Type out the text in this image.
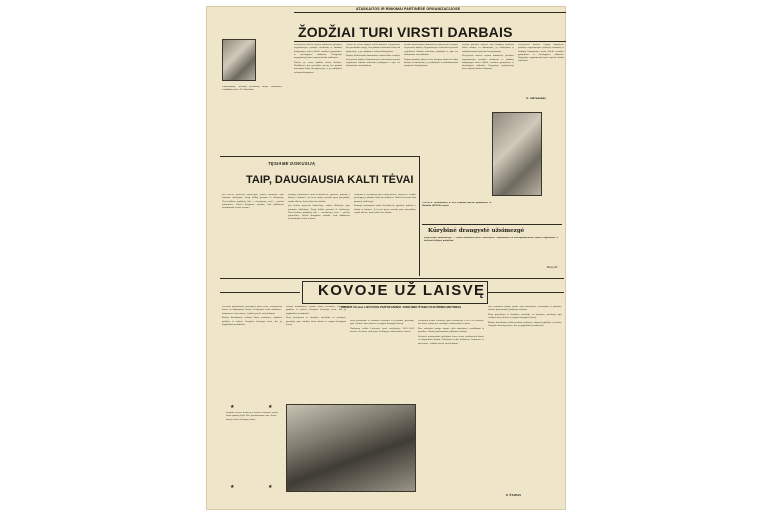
ATASKAITOS IR RINKIMAI PARTINĖSE ORGANIZACIJOSE
ŽODŽIAI TURI VIRSTI DARBAIS
Nuotraukoje: lietuvių partizanų būrys vadovybės susitikimo metu. Pr. Kovalskis.

Praėjusiais metais rajono komitetas partinės organizacijos pradėjo ataskaitų ir rinkimų kampanijos metu iškelti svarbias gamybines ir ideologines užduotis. Daugelyje organizacijų buvo aptarti darbo trūkumai.

Tačiau ne visur žodžiai virsta darbais. Kolūkiuose dar pasitaiko atvejų, kai priimti nutarimai lieka tik popieriuje, o jų vykdymas nekontroliuojamas.

Tačiau ne visur žodžiai virsta darbais. Kolūkiuose dar pasitaiko atvejų, kai priimti nutarimai lieka tik popieriuje, o jų vykdymas nekontroliuojamas.

Būtina kiekvienam komunistui asmeniškai atsakyti už pavestą darbą. Organizacijos sekretoriai privalo reguliariai tikrinti nutarimų vykdymą ir apie tai informuoti susirinkimus.

Būtina kiekvienam komunistui asmeniškai atsakyti už pavestą darbą. Organizacijos sekretoriai privalo reguliariai tikrinti nutarimų vykdymą ir apie tai informuoti susirinkimus.

Rajono partinis aktyvas turi daugiau dėmesio skirti darbui su žmonėmis, jų auklėjimui ir mobilizavimui naujiems laimėjimams.

Rajono partinis aktyvas turi daugiau dėmesio skirti darbui su žmonėmis, jų auklėjimui ir mobilizavimui naujiems laimėjimams.

Praėjusiais metais rajono komitetas partinės organizacijos pradėjo ataskaitų ir rinkimų kampanijos metu iškelti svarbias gamybines ir ideologines užduotis. Daugelyje organizacijų buvo aptarti darbo trūkumai.

Praėjusiais metais rajono komitetas partinės organizacijos pradėjo ataskaitų ir rinkimų kampanijos metu iškelti svarbias gamybines ir ideologines užduotis. Daugelyje organizacijų buvo aptarti darbo trūkumai.

A. Astrauskas
VILNIUS. Memorialas ir kiti Vilniaus miesto paminklai. B. Dabulio (ELTOS) nuotr.
TĘSIAME DISKUSIJĄ
TAIP, DAUGIAUSIA KALTI TĖVAI

Jau keletą mėnesių laikraštyje vyksta diskusija apie jaunimo auklėjimą. Daug laiškų gavome iš skaitytojų. Vieni kaltina mokyklą, kiti — visuomenę, treti — pačius jaunuolius. Tačiau dauguma sutinka, kad didžiausia atsakomybė tenka tėvams.

Šeimoje formuojasi vaiko charakteris, įpročiai, požiūris į darbą ir žmones. Jei tėvai patys nerodo gero pavyzdžio, sunku tikėtis, kad vaikas bus kitoks.

Jau keletą mėnesių laikraštyje vyksta diskusija apie jaunimo auklėjimą. Daug laiškų gavome iš skaitytojų. Vieni kaltina mokyklą, kiti — visuomenę, treti — pačius jaunuolius. Tačiau dauguma sutinka, kad didžiausia atsakomybė tenka tėvams.

Mokykla ir visuomenė gali daug padėti, tačiau be šeimos pastangų jų darbas lieka neefektyvus. Todėl tėvai turi būti pirmieji auklėtojai.

Šeimoje formuojasi vaiko charakteris, įpročiai, požiūris į darbą ir žmones. Jei tėvai patys nerodo gero pavyzdžio, sunku tikėtis, kad vaikas bus kitoks.

Kūrybinė draugystė užsimezgė

Kaip rašyti informaciją? — tokia klausimą iškėlė kolektyvas. Susitikimai su korespondentais vyksta reguliariai, o dalyviai dalijasi patirtimi.

Mūsų inf.
KOVOJE UŽ LAISVĘ
(MININT 20-sias LIETUVOS PARTIZANINIO JUDĖJIMO ŠTABO SUKŪRIMO METINES)

Lietuvos partizaninis judėjimas buvo viena svarbiausių kovos su okupantais formų. Partizanai veikė miškuose, kaimuose ir miestuose, trukdė priešo susisiekimui.

Štabas koordinavo atskirų būrių veiksmus, rūpinosi ginklais ir ryšiais. Daugelis kovotojų žuvo, bet jų žygdarbiai neužmiršti.

Štabas koordinavo atskirų būrių veiksmus, rūpinosi ginklais ir ryšiais. Daugelis kovotojų žuvo, bet jų žygdarbiai neužmiršti.

Buvę partizanai ir šiandien susitinka su jaunimu, pasakoja apie sunkias kovų dienas ir ragina branginti laisvę.

Buvę partizanai ir šiandien susitinka su jaunimu, pasakoja apie sunkias kovų dienas ir ragina branginti laisvę.

Partizanų veikla Lietuvoje ypač suaktyvėjo 1943–1944 metais, kai buvo sudarytas vieningas vadovavimo centras.

Partizanų veikla Lietuvoje ypač suaktyvėjo 1943–1944 metais, kai buvo sudarytas vieningas vadovavimo centras.

Šios sukakties proga rajone vyks minėjimai, susitikimai ir parodos, skirtos partizaninio judėjimo istorijai.

Lietuvos partizaninis judėjimas buvo viena svarbiausių kovos su okupantais formų. Partizanai veikė miškuose, kaimuose ir miestuose, trukdė priešo susisiekimui.

Šios sukakties proga rajone vyks minėjimai, susitikimai ir parodos, skirtos partizaninio judėjimo istorijai.

Buvę partizanai ir šiandien susitinka su jaunimu, pasakoja apie sunkias kovų dienas ir ragina branginti laisvę.

Štabas koordinavo atskirų būrių veiksmus, rūpinosi ginklais ir ryšiais. Daugelis kovotojų žuvo, bet jų žygdarbiai neužmiršti.

P. ŠTARAS
★	★

Skamba laisvės daina per laukus ir miškus, mūsų žemė gimtoji žydi. Mes prisimename tuos, kurie kovoje krito už laimę tautos.

★	★
